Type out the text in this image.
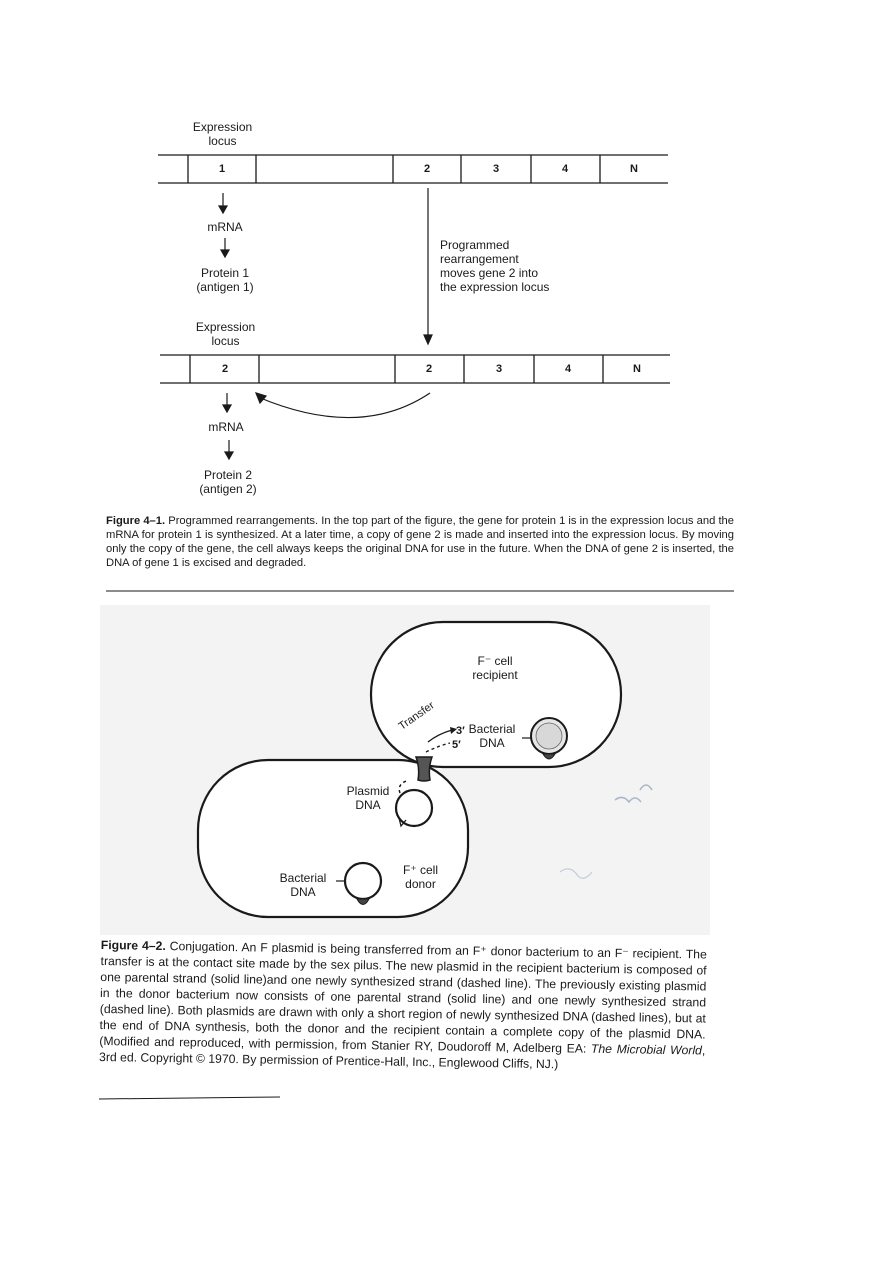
Expression
locus
1	2	3	4	N
mRNA
Protein 1
(antigen 1)
Programmed
rearrangement
moves gene 2 into
the expression locus
Expression
locus
2	2	3	4	N
mRNA
Protein 2
(antigen 2)
Figure 4–1. Programmed rearrangements. In the top part of the figure, the gene for protein 1 is in the expression locus and the mRNA for protein 1 is synthesized. At a later time, a copy of gene 2 is made and inserted into the expression locus. By moving only the copy of the gene, the cell always keeps the original DNA for use in the future. When the DNA of gene 2 is inserted, the DNA of gene 1 is excised and degraded.
F⁻ cell
recipient
Transfer 3′
5′
Bacterial
DNA
Plasmid
DNA
Bacterial
DNA
F⁺ cell
donor
Figure 4–2. Conjugation. An F plasmid is being transferred from an F⁺ donor bacterium to an F⁻ recipient. The transfer is at the contact site made by the sex pilus. The new plasmid in the recipient bacterium is composed of one parental strand (solid line)and one newly synthesized strand (dashed line). The previously existing plasmid in the donor bacterium now consists of one parental strand (solid line) and one newly synthesized strand (dashed line). Both plasmids are drawn with only a short region of newly synthesized DNA (dashed lines), but at the end of DNA synthesis, both the donor and the recipient contain a complete copy of the plasmid DNA. (Modified and reproduced, with permission, from Stanier RY, Doudoroff M, Adelberg EA: The Microbial World, 3rd ed. Copyright © 1970. By permission of Prentice-Hall, Inc., Englewood Cliffs, NJ.)
